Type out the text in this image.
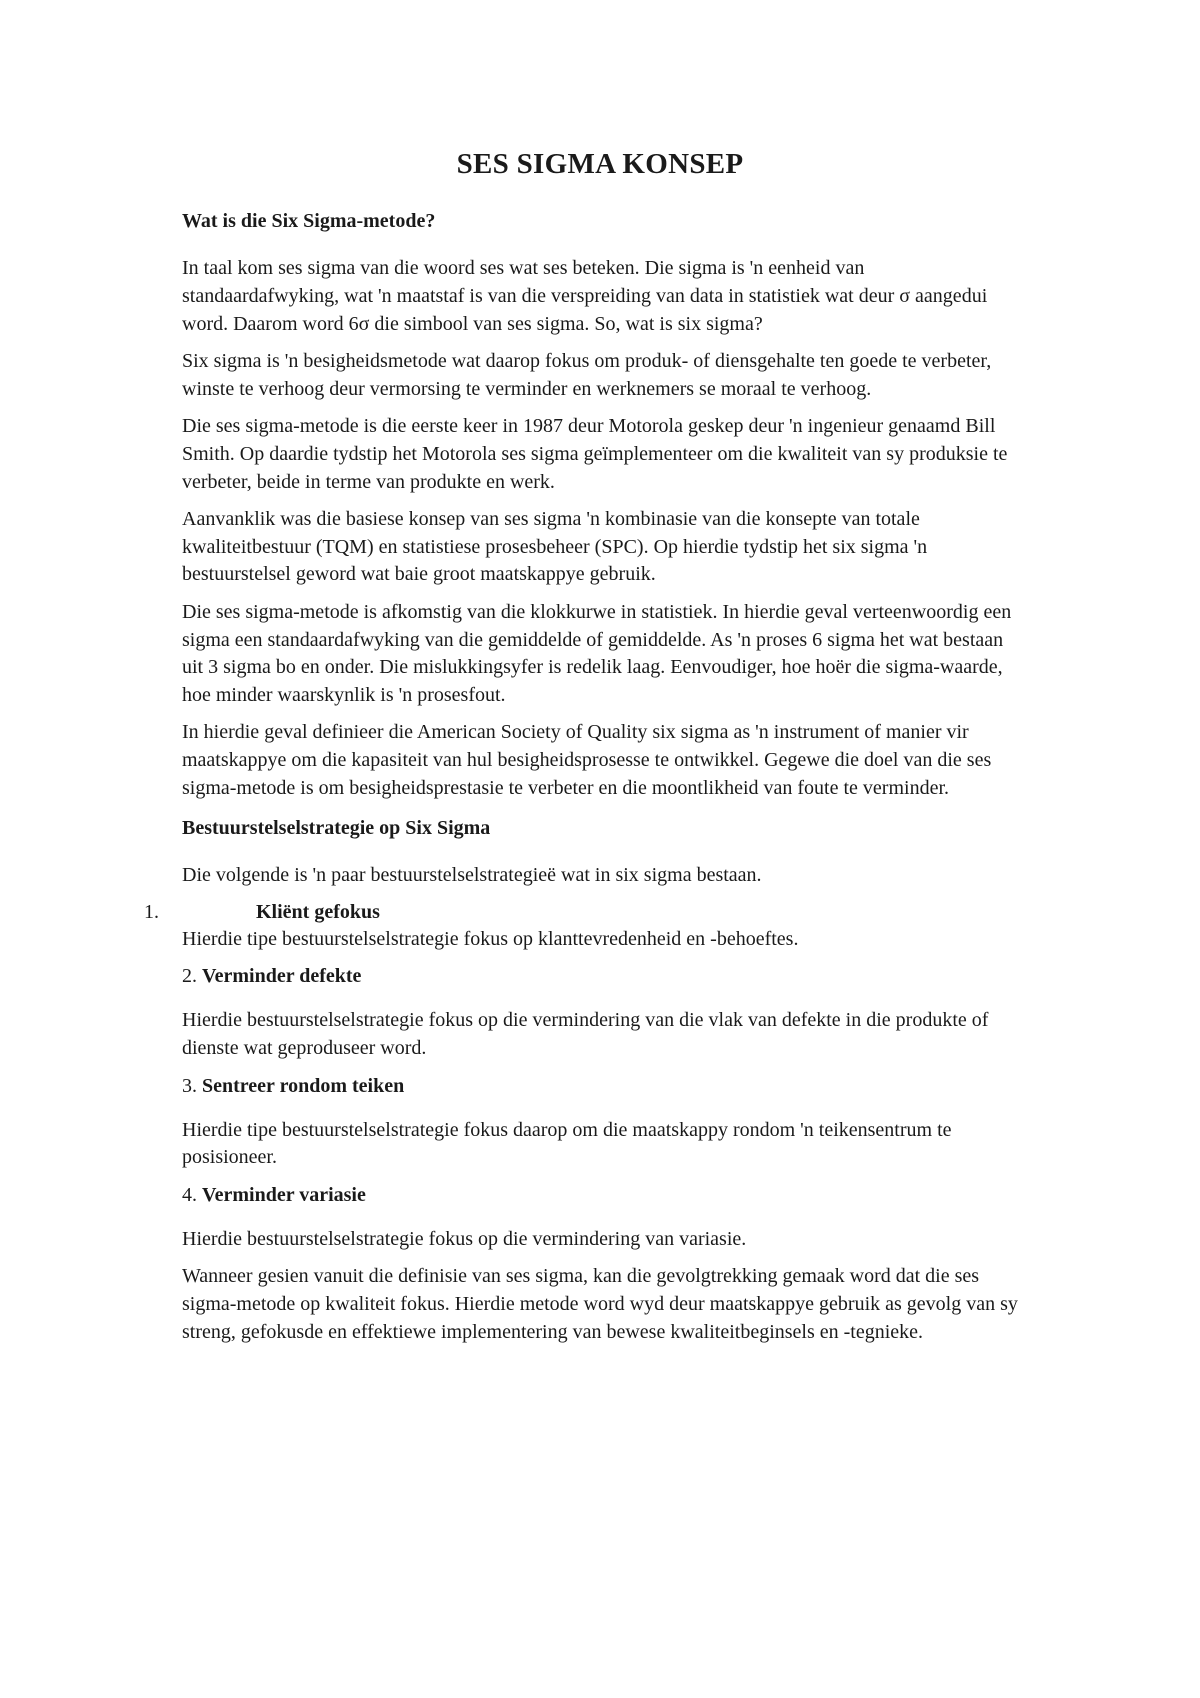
SES SIGMA KONSEP
Wat is die Six Sigma-metode?

In taal kom ses sigma van die woord ses wat ses beteken. Die sigma is 'n eenheid van standaardafwyking, wat 'n maatstaf is van die verspreiding van data in statistiek wat deur σ aangedui word. Daarom word 6σ die simbool van ses sigma. So, wat is six sigma?

Six sigma is 'n besigheidsmetode wat daarop fokus om produk- of diensgehalte ten goede te verbeter, winste te verhoog deur vermorsing te verminder en werknemers se moraal te verhoog.

Die ses sigma-metode is die eerste keer in 1987 deur Motorola geskep deur 'n ingenieur genaamd Bill Smith. Op daardie tydstip het Motorola ses sigma geïmplementeer om die kwaliteit van sy produksie te verbeter, beide in terme van produkte en werk.

Aanvanklik was die basiese konsep van ses sigma 'n kombinasie van die konsepte van totale kwaliteitbestuur (TQM) en statistiese prosesbeheer (SPC). Op hierdie tydstip het six sigma 'n bestuurstelsel geword wat baie groot maatskappye gebruik.

Die ses sigma-metode is afkomstig van die klokkurwe in statistiek. In hierdie geval verteenwoordig een sigma een standaardafwyking van die gemiddelde of gemiddelde. As 'n proses 6 sigma het wat bestaan uit 3 sigma bo en onder. Die mislukkingsyfer is redelik laag. Eenvoudiger, hoe hoër die sigma-waarde, hoe minder waarskynlik is 'n prosesfout.

In hierdie geval definieer die American Society of Quality six sigma as 'n instrument of manier vir maatskappye om die kapasiteit van hul besigheidsprosesse te ontwikkel. Gegewe die doel van die ses sigma-metode is om besigheidsprestasie te verbeter en die moontlikheid van foute te verminder.

Bestuurstelselstrategie op Six Sigma

Die volgende is 'n paar bestuurstelselstrategieë wat in six sigma bestaan.

1.	Kliënt gefokus

Hierdie tipe bestuurstelselstrategie fokus op klanttevredenheid en -behoeftes.

2. Verminder defekte

Hierdie bestuurstelselstrategie fokus op die vermindering van die vlak van defekte in die produkte of dienste wat geproduseer word.

3. Sentreer rondom teiken

Hierdie tipe bestuurstelselstrategie fokus daarop om die maatskappy rondom 'n teikensentrum te posisioneer.

4. Verminder variasie

Hierdie bestuurstelselstrategie fokus op die vermindering van variasie.

Wanneer gesien vanuit die definisie van ses sigma, kan die gevolgtrekking gemaak word dat die ses sigma-metode op kwaliteit fokus. Hierdie metode word wyd deur maatskappye gebruik as gevolg van sy streng, gefokusde en effektiewe implementering van bewese kwaliteitbeginsels en -tegnieke.
